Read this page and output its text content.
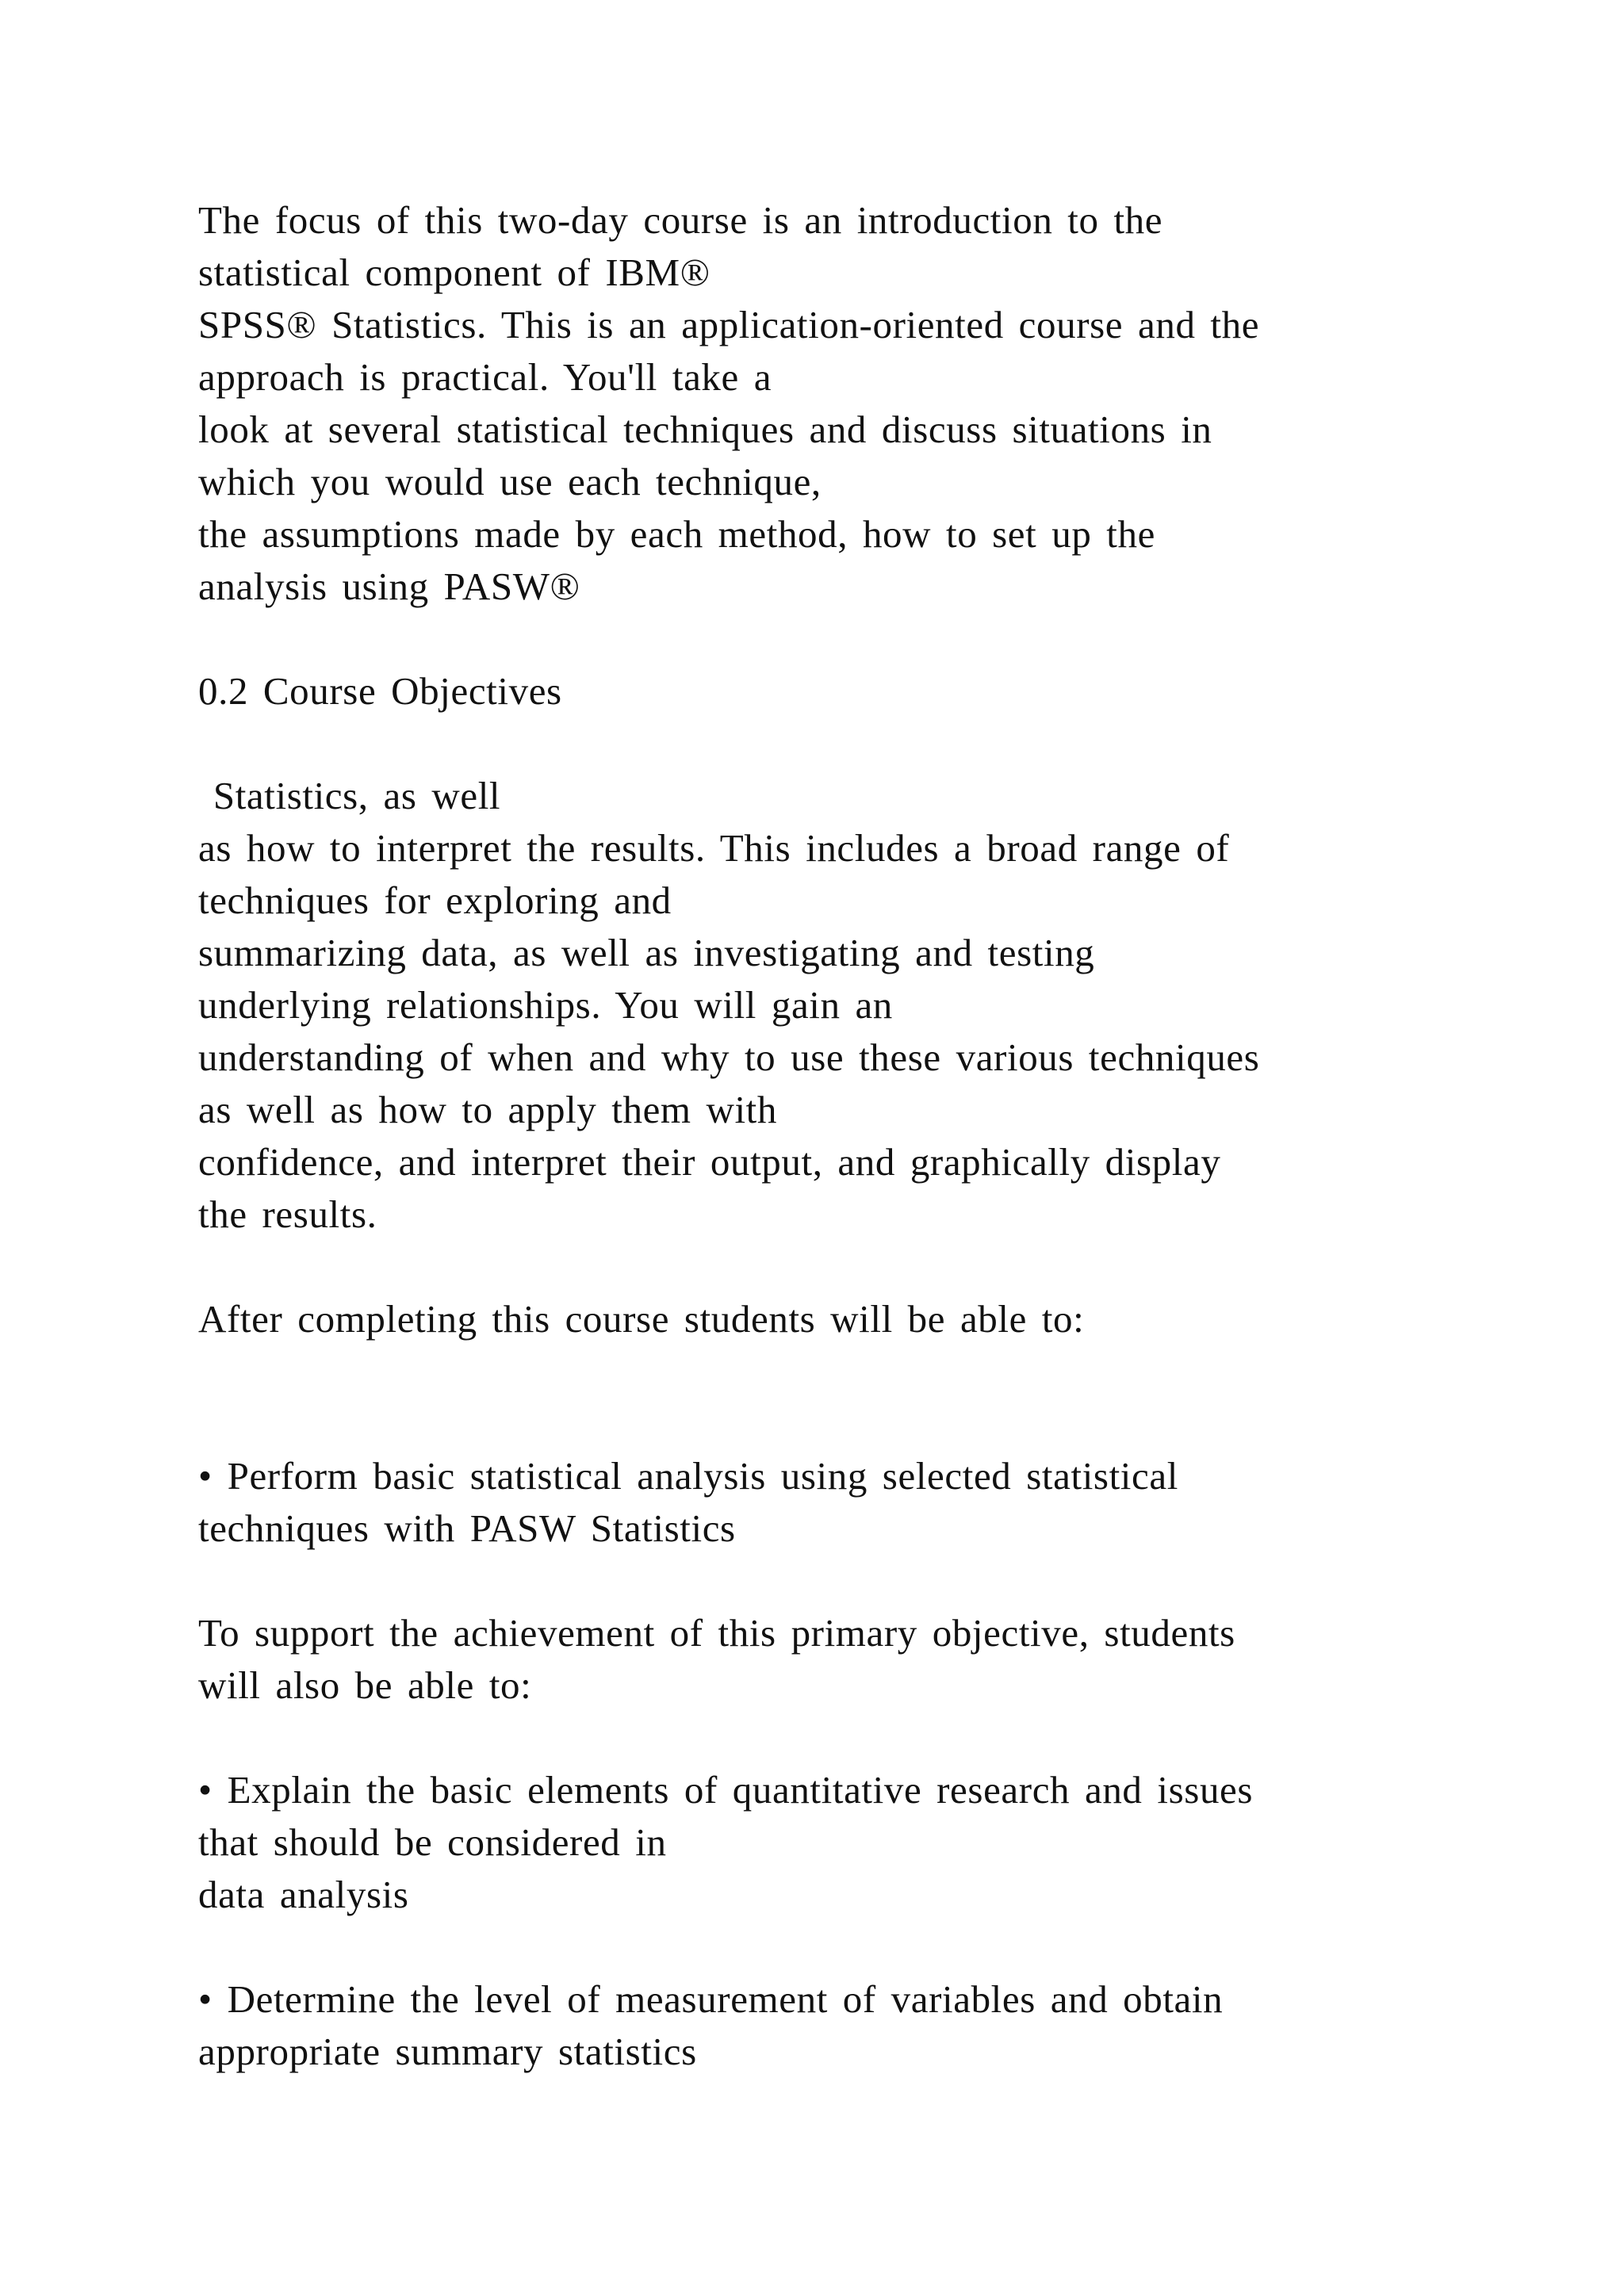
The focus of this two-day course is an introduction to the
statistical component of IBM®
SPSS® Statistics. This is an application-oriented course and the
approach is practical. You'll take a
look at several statistical techniques and discuss situations in
which you would use each technique,
the assumptions made by each method, how to set up the
analysis using PASW®
0.2 Course Objectives
Statistics, as well
as how to interpret the results. This includes a broad range of
techniques for exploring and
summarizing data, as well as investigating and testing
underlying relationships. You will gain an
understanding of when and why to use these various techniques
as well as how to apply them with
confidence, and interpret their output, and graphically display
the results.
After completing this course students will be able to:
• Perform basic statistical analysis using selected statistical
techniques with PASW Statistics
To support the achievement of this primary objective, students
will also be able to:
• Explain the basic elements of quantitative research and issues
that should be considered in
data analysis
• Determine the level of measurement of variables and obtain
appropriate summary statistics
